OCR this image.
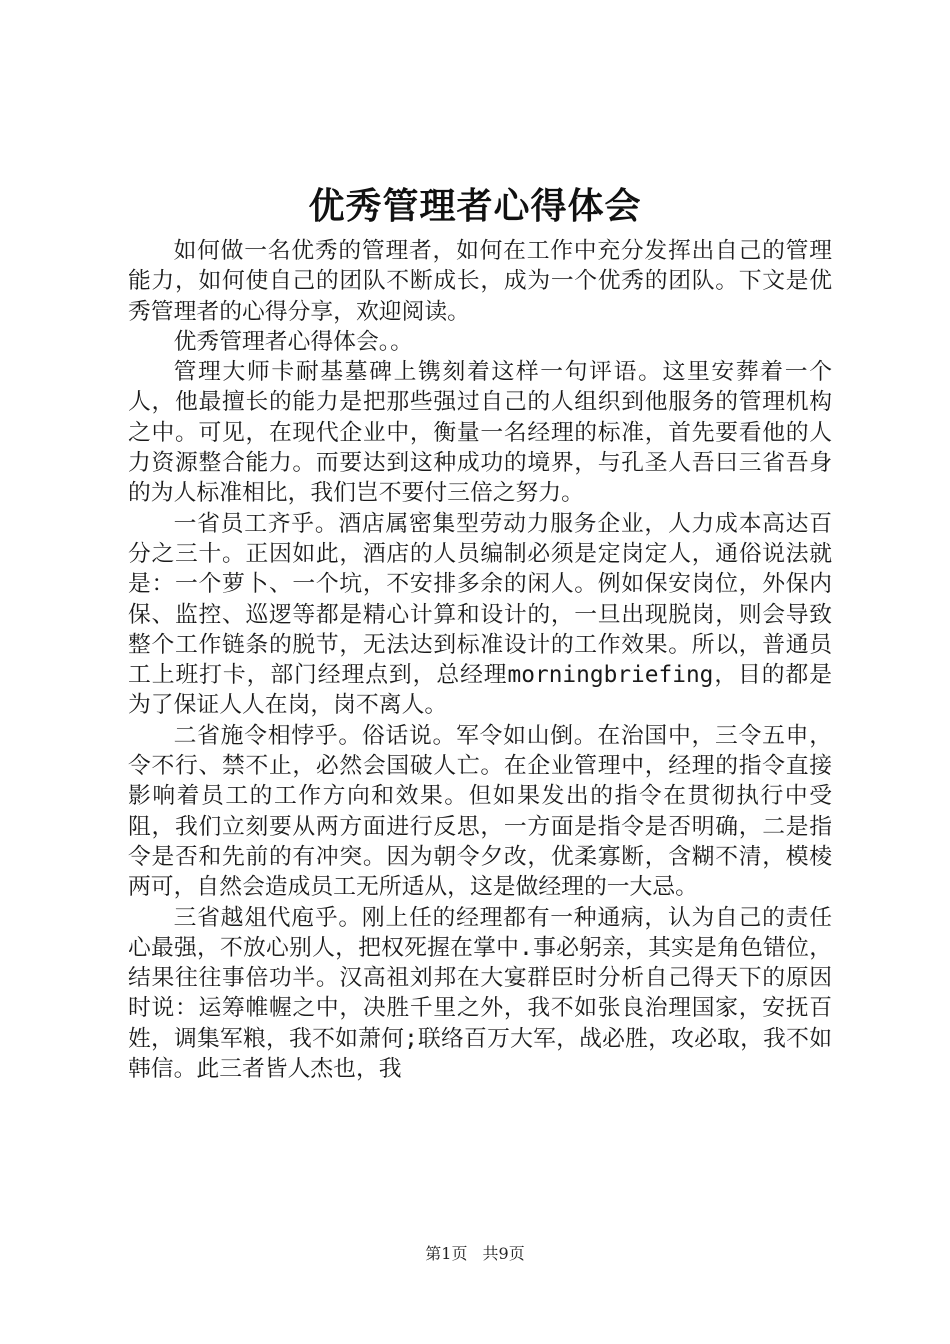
优秀管理者心得体会

如何做一名优秀的管理者，如何在工作中充分发挥出自己的管理能力，如何使自己的团队不断成长，成为一个优秀的团队。下文是优秀管理者的心得分享，欢迎阅读。

优秀管理者心得体会。。

管理大师卡耐基墓碑上镌刻着这样一句评语。这里安葬着一个人，他最擅长的能力是把那些强过自己的人组织到他服务的管理机构之中。可见，在现代企业中，衡量一名经理的标准，首先要看他的人力资源整合能力。而要达到这种成功的境界，与孔圣人吾曰三省吾身的为人标准相比，我们岂不要付三倍之努力。

一省员工齐乎。酒店属密集型劳动力服务企业，人力成本高达百分之三十。正因如此，酒店的人员编制必须是定岗定人，通俗说法就是：一个萝卜、一个坑，不安排多余的闲人。例如保安岗位，外保内保、监控、巡逻等都是精心计算和设计的，一旦出现脱岗，则会导致整个工作链条的脱节，无法达到标准设计的工作效果。所以，普通员工上班打卡，部门经理点到，总经理morningbriefing，目的都是为了保证人人在岗，岗不离人。

二省施令相悖乎。俗话说。军令如山倒。在治国中，三令五申，令不行、禁不止，必然会国破人亡。在企业管理中，经理的指令直接影响着员工的工作方向和效果。但如果发出的指令在贯彻执行中受阻，我们立刻要从两方面进行反思，一方面是指令是否明确，二是指令是否和先前的有冲突。因为朝令夕改，优柔寡断，含糊不清，模棱两可，自然会造成员工无所适从，这是做经理的一大忌。

三省越俎代庖乎。刚上任的经理都有一种通病，认为自己的责任心最强，不放心别人，把权死握在掌中.事必躬亲，其实是角色错位，结果往往事倍功半。汉高祖刘邦在大宴群臣时分析自己得天下的原因时说：运筹帷幄之中，决胜千里之外，我不如张良治理国家，安抚百姓，调集军粮，我不如萧何;联络百万大军，战必胜，攻必取，我不如韩信。此三者皆人杰也，我

第1页 共9页
